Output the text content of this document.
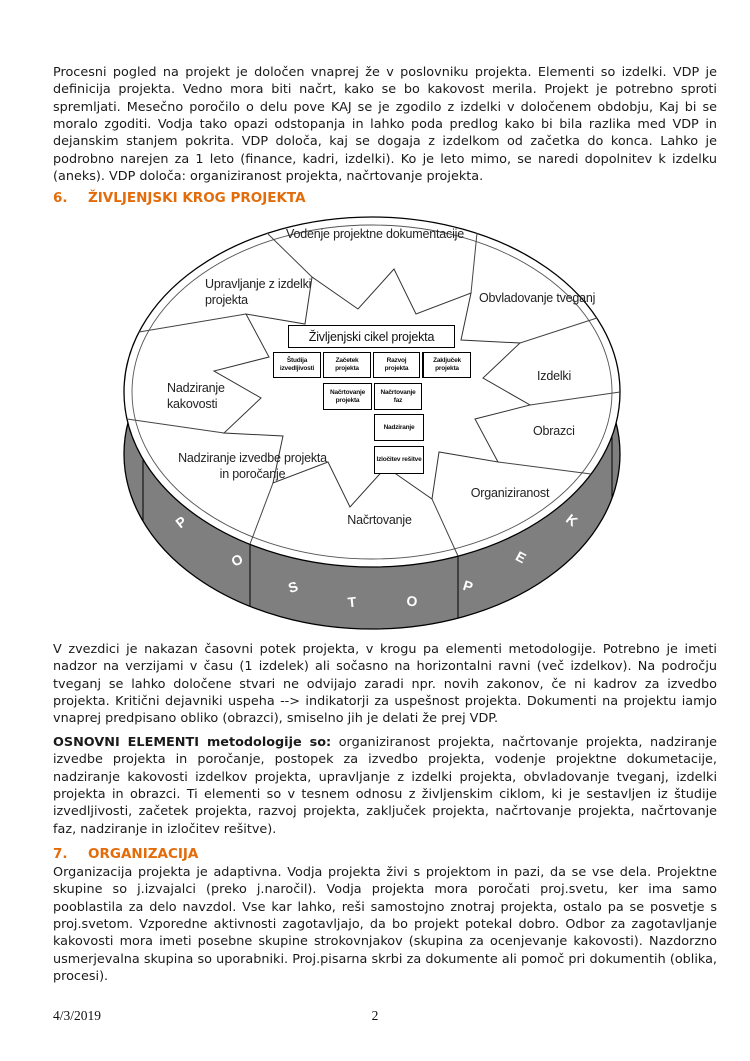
Procesni pogled na projekt je določen vnaprej že v poslovniku projekta. Elementi so izdelki. VDP je definicija projekta. Vedno mora biti načrt, kako se bo kakovost merila. Projekt je potrebno sproti spremljati. Mesečno poročilo o delu pove KAJ se je zgodilo z izdelki v določenem obdobju, Kaj bi se moralo zgoditi. Vodja tako opazi odstopanja in lahko poda predlog kako bi bila razlika med VDP in dejanskim stanjem pokrita. VDP določa, kaj se dogaja z izdelkom od začetka do konca. Lahko je podrobno narejen za 1 leto (finance, kadri, izdelki). Ko je leto mimo, se naredi dopolnitev k izdelku (aneks). VDP določa: organiziranost projekta, načrtovanje projekta.
6.	ŽIVLJENJSKI KROG PROJEKTA
Vodenje projektne dokumentacije
Upravljanje z izdelki projekta	Obvladovanje tveganj
Nadziranje kakovosti
Izdelki
Obrazci
Nadziranje izvedbe projekta in poročanje
Organiziranost
Načrtovanje
Življenjski cikel projekta
Študija izvedljivosti
Začetek projekta
Razvoj projekta
Zaključek projekta
Načrtovanje projekta
Načrtovanje faz
Nadziranje
Izločitev rešitve
P
O
S
T	O
P
E
K
V zvezdici je nakazan časovni potek projekta, v krogu pa elementi metodologije. Potrebno je imeti nadzor na verzijami v času (1 izdelek) ali sočasno na horizontalni ravni (več izdelkov). Na področju tveganj se lahko določene stvari ne odvijajo zaradi npr. novih zakonov, če ni kadrov za izvedbo projekta. Kritični dejavniki uspeha --> indikatorji za uspešnost projekta. Dokumenti na projektu iamjo vnaprej predpisano obliko (obrazci), smiselno jih je delati že prej VDP.
OSNOVNI ELEMENTI metodologije so: organiziranost projekta, načrtovanje projekta, nadziranje izvedbe projekta in poročanje, postopek za izvedbo projekta, vodenje projektne dokumetacije, nadziranje kakovosti izdelkov projekta, upravljanje z izdelki projekta, obvladovanje tveganj, izdelki projekta in obrazci. Ti elementi so v tesnem odnosu z življenskim ciklom, ki je sestavljen iz študije izvedljivosti, začetek projekta, razvoj projekta, zaključek projekta, načrtovanje projekta, načrtovanje faz, nadziranje in izločitev rešitve).
7.	ORGANIZACIJA
Organizacija projekta je adaptivna. Vodja projekta živi s projektom in pazi, da se vse dela. Projektne skupine so j.izvajalci (preko j.naročil). Vodja projekta mora poročati proj.svetu, ker ima samo pooblastila za delo navzdol. Vse kar lahko, reši samostojno znotraj projekta, ostalo pa se posvetje s proj.svetom. Vzporedne aktivnosti zagotavljajo, da bo projekt potekal dobro. Odbor za zagotavljanje kakovosti mora imeti posebne skupine strokovnjakov (skupina za ocenjevanje kakovosti). Nazdorzno usmerjevalna skupina so uporabniki. Proj.pisarna skrbi za dokumente ali pomoč pri dokumentih (oblika, procesi).
4/3/2019	2
